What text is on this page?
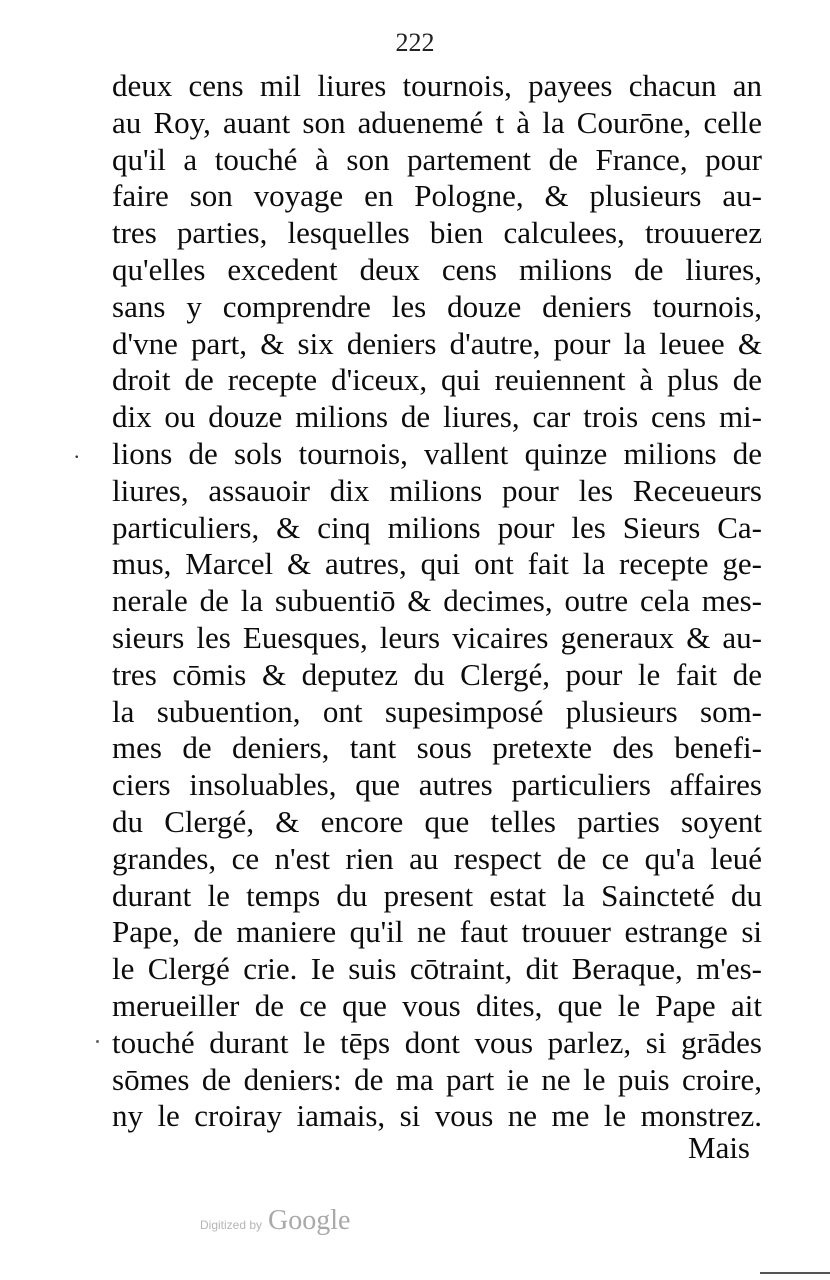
222
.
deux cens mil liures tournois, payees chacun an
au Roy, auant son aduenemé t à la Courōne, celle
qu'il a touché à son partement de France, pour
faire son voyage en Pologne, & plusieurs au-
tres parties, lesquelles bien calculees, trouuerez
qu'elles excedent deux cens milions de liures,
sans y comprendre les douze deniers tournois,
d'vne part, & six deniers d'autre, pour la leuee &
droit de recepte d'iceux, qui reuiennent à plus de
dix ou douze milions de liures, car trois cens mi-
lions de sols tournois, vallent quinze milions de
liures, assauoir dix milions pour les Receueurs
particuliers, & cinq milions pour les Sieurs Ca-
mus, Marcel & autres, qui ont fait la recepte ge-
nerale de la subuentiō & decimes, outre cela mes-
sieurs les Euesques, leurs vicaires generaux & au-
tres cōmis & deputez du Clergé, pour le fait de
la subuention, ont supesimposé plusieurs som-
mes de deniers, tant sous pretexte des benefi-
ciers insoluables, que autres particuliers affaires
du Clergé, & encore que telles parties soyent
grandes, ce n'est rien au respect de ce qu'a leué
durant le temps du present estat la Saincteté du
Pape, de maniere qu'il ne faut trouuer estrange si
le Clergé crie. Ie suis cōtraint, dit Beraque, m'es-
merueiller de ce que vous dites, que le Pape ait
touché durant le tēps dont vous parlez, si grādes
sōmes de deniers: de ma part ie ne le puis croire,
ny le croiray iamais, si vous ne me le monstrez.
Mais
Digitized by Google
